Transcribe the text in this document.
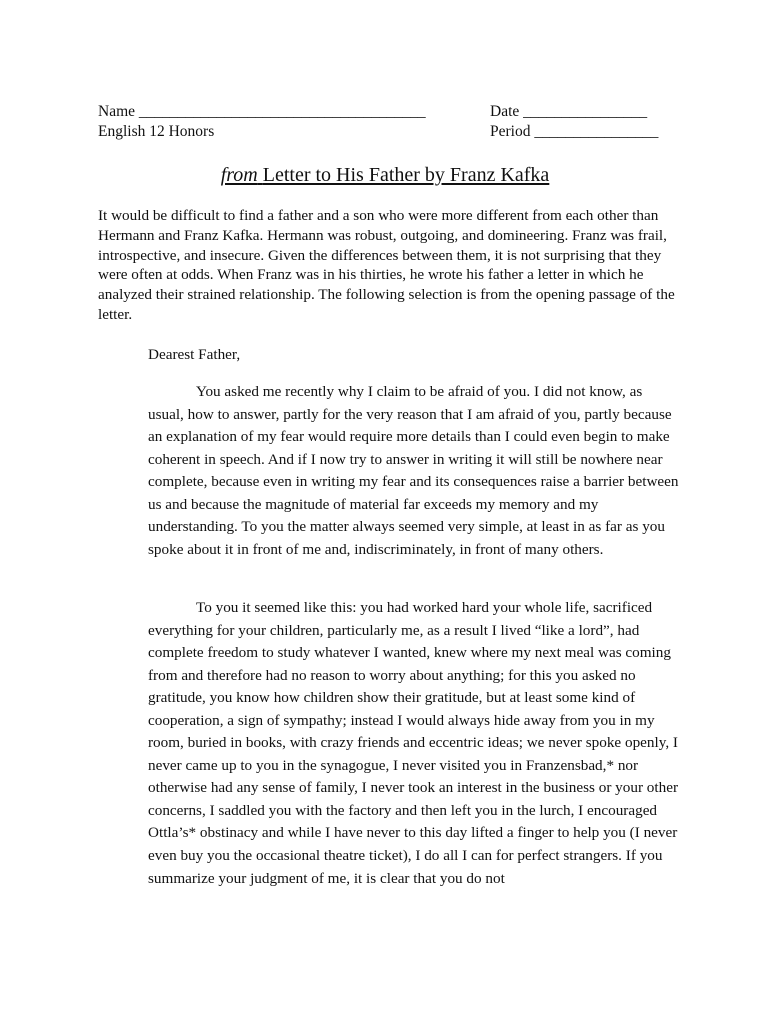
Name _____________________________________
English 12 Honors
Date ________________
Period ________________
from Letter to His Father by Franz Kafka

It would be difficult to find a father and a son who were more different from each other than Hermann and Franz Kafka. Hermann was robust, outgoing, and domineering. Franz was frail, introspective, and insecure. Given the differences between them, it is not surprising that they were often at odds. When Franz was in his thirties, he wrote his father a letter in which he analyzed their strained relationship. The following selection is from the opening passage of the letter.

Dearest Father,

You asked me recently why I claim to be afraid of you. I did not know, as usual, how to answer, partly for the very reason that I am afraid of you, partly because an explanation of my fear would require more details than I could even begin to make coherent in speech. And if I now try to answer in writing it will still be nowhere near complete, because even in writing my fear and its consequences raise a barrier between us and because the magnitude of material far exceeds my memory and my understanding. To you the matter always seemed very simple, at least in as far as you spoke about it in front of me and, indiscriminately, in front of many others.

To you it seemed like this: you had worked hard your whole life, sacrificed everything for your children, particularly me, as a result I lived “like a lord”, had complete freedom to study whatever I wanted, knew where my next meal was coming from and therefore had no reason to worry about anything; for this you asked no gratitude, you know how children show their gratitude, but at least some kind of cooperation, a sign of sympathy; instead I would always hide away from you in my room, buried in books, with crazy friends and eccentric ideas; we never spoke openly, I never came up to you in the synagogue, I never visited you in Franzensbad,* nor otherwise had any sense of family, I never took an interest in the business or your other concerns, I saddled you with the factory and then left you in the lurch, I encouraged Ottla’s* obstinacy and while I have never to this day lifted a finger to help you (I never even buy you the occasional theatre ticket), I do all I can for perfect strangers. If you summarize your judgment of me, it is clear that you do not
